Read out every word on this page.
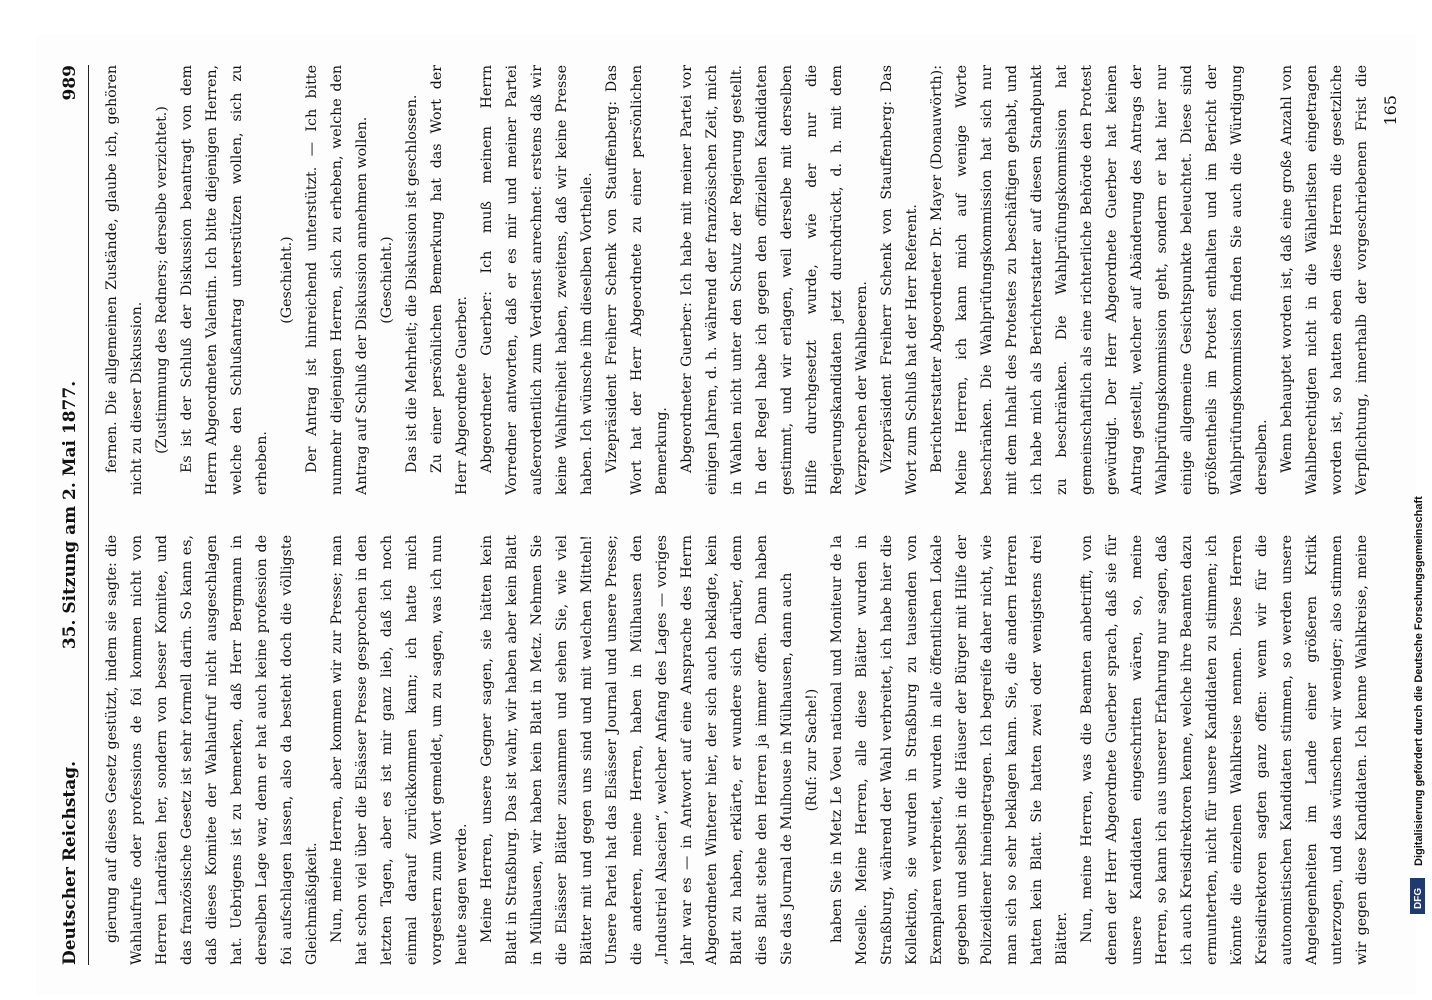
Deutscher Reichstag.
35. Sitzung am 2. Mai 1877.
989

gierung auf dieses Gesetz gestützt, indem sie sagte: die Wahlaufrufe oder professions de foi kommen nicht von Herren Landräten her, sondern von besser Komitee, und das französische Gesetz ist sehr formell darin. So kann es, daß dieses Komitee der Wahlaufruf nicht ausgeschlagen hat. Uebrigens ist zu bemerken, daß Herr Bergmann in derselben Lage war, denn er hat auch keine profession de foi aufschlagen lassen, also da besteht doch die völligste Gleichmäßigkeit. Nun, meine Herren, aber kommen wir zur Presse; man hat schon viel über die Elsässer Presse gesprochen in den letzten Tagen, aber es ist mir ganz lieb, daß ich noch einmal darauf zurückkommen kann; ich hatte mich vorgestern zum Wort gemeldet, um zu sagen, was ich nun heute sagen werde. Meine Herren, unsere Gegner sagen, sie hätten kein Blatt in Straßburg. Das ist wahr, wir haben aber kein Blatt in Mülhausen, wir haben kein Blatt in Metz. Nehmen Sie die Elsässer Blätter zusammen und sehen Sie, wie viel Blätter mit und gegen uns sind und mit welchen Mitteln! Unsere Partei hat das Elsässer Journal und unsere Presse; die anderen, meine Herren, haben in Mülhausen den „Industriel Alsacien“, welcher Anfang des Lages — voriges Jahr war es — in Antwort auf eine Ansprache des Herrn Abgeordneten Winterer hier, der sich auch beklagte, kein Blatt zu haben, erklärte, er wundere sich darüber, denn dies Blatt stehe den Herren ja immer offen. Dann haben Sie das Journal de Mulhouse in Mülhausen, dann auch (Ruf: zur Sache!) haben Sie in Metz Le Voeu national und Moniteur de la Moselle. Meine Herren, alle diese Blätter wurden in Straßburg, während der Wahl verbreitet, ich habe hier die Kollektion, sie wurden in Straßburg zu tausenden von Exemplaren verbreitet, wurden in alle öffentlichen Lokale gegeben und selbst in die Häuser der Bürger mit Hilfe der Polizeidiener hineingetragen. Ich begreife daher nicht, wie man sich so sehr beklagen kann. Sie, die andern Herren hatten kein Blatt. Sie hatten zwei oder wenigstens drei Blätter. Nun, meine Herren, was die Beamten anbetrifft, von denen der Herr Abgeordnete Guerber sprach, daß sie für unsere Kandidaten eingeschritten wären, so, meine Herren, so kann ich aus unserer Erfahrung nur sagen, daß ich auch Kreisdirektoren kenne, welche ihre Beamten dazu ermunterten, nicht für unsere Kandidaten zu stimmen; ich könnte die einzelnen Wahlkreise nennen. Diese Herren Kreisdirektoren sagten ganz offen: wenn wir für die autonomistischen Kandidaten stimmen, so werden unsere Angelegenheiten im Lande einer größeren Kritik unterzogen, und das wünschen wir weniger; also stimmen wir gegen diese Kandidaten. Ich kenne Wahlkreise, meine

fernen. Die allgemeinen Zustände, glaube ich, gehören nicht zu dieser Diskussion. (Zustimmung des Redners; derselbe verzichtet.) Es ist der Schluß der Diskussion beantragt von dem Herrn Abgeordneten Valentin. Ich bitte diejenigen Herren, welche den Schlußantrag unterstützen wollen, sich zu erheben.

(Geschieht.) Der Antrag ist hinreichend unterstützt. — Ich bitte nunmehr diejenigen Herren, sich zu erheben, welche den Antrag auf Schluß der Diskussion annehmen wollen. (Geschieht.) Das ist die Mehrheit; die Diskussion ist geschlossen. Zu einer persönlichen Bemerkung hat das Wort der Herr Abgeordnete Guerber. Abgeordneter Guerber: Ich muß meinem Herrn Vorredner antworten, daß er es mir und meiner Partei außerordentlich zum Verdienst anrechnet: erstens daß wir keine Wahlfreiheit haben, zweitens, daß wir keine Presse haben. Ich wünsche ihm dieselben Vortheile. Vizepräsident Freiherr Schenk von Stauffenberg: Das Wort hat der Herr Abgeordnete zu einer persönlichen Bemerkung. Abgeordneter Guerber: Ich habe mit meiner Partei vor einigen Jahren, d. h. während der französischen Zeit, mich in Wahlen nicht unter den Schutz der Regierung gestellt. In der Regel habe ich gegen den offiziellen Kandidaten gestimmt, und wir erlagen, weil derselbe mit derselben Hilfe durchgesetzt wurde, wie der nur die Regierungskandidaten jetzt durchdrückt, d. h. mit dem Verzprechen der Wahlbeeren. Vizepräsident Freiherr Schenk von Stauffenberg: Das Wort zum Schluß hat der Herr Referent. Berichterstatter Abgeordneter Dr. Mayer (Donauwörth): Meine Herren, ich kann mich auf wenige Worte beschränken. Die Wahlprüfungskommission hat sich nur mit dem Inhalt des Protestes zu beschäftigen gehabt, und ich habe mich als Berichterstatter auf diesen Standpunkt zu beschränken. Die Wahlprüfungskommission hat gemeinschaftlich als eine richterliche Behörde den Protest gewürdigt. Der Herr Abgeordnete Guerber hat keinen Antrag gestellt, welcher auf Abänderung des Antrags der Wahlprüfungskommission geht, sondern er hat hier nur einige allgemeine Gesichtspunkte beleuchtet. Diese sind größtentheils im Protest enthalten und im Bericht der Wahlprüfungskommission finden Sie auch die Würdigung derselben. Wenn behauptet worden ist, daß eine große Anzahl von Wahlberechtigten nicht in die Wählerlisten eingetragen worden ist, so hatten eben diese Herren die gesetzliche Verpflichtung, innerhalb der vorgeschriebenen Frist die

165
Digitalisierung gefördert durch die Deutsche Forschungsgemeinschaft
DFG
